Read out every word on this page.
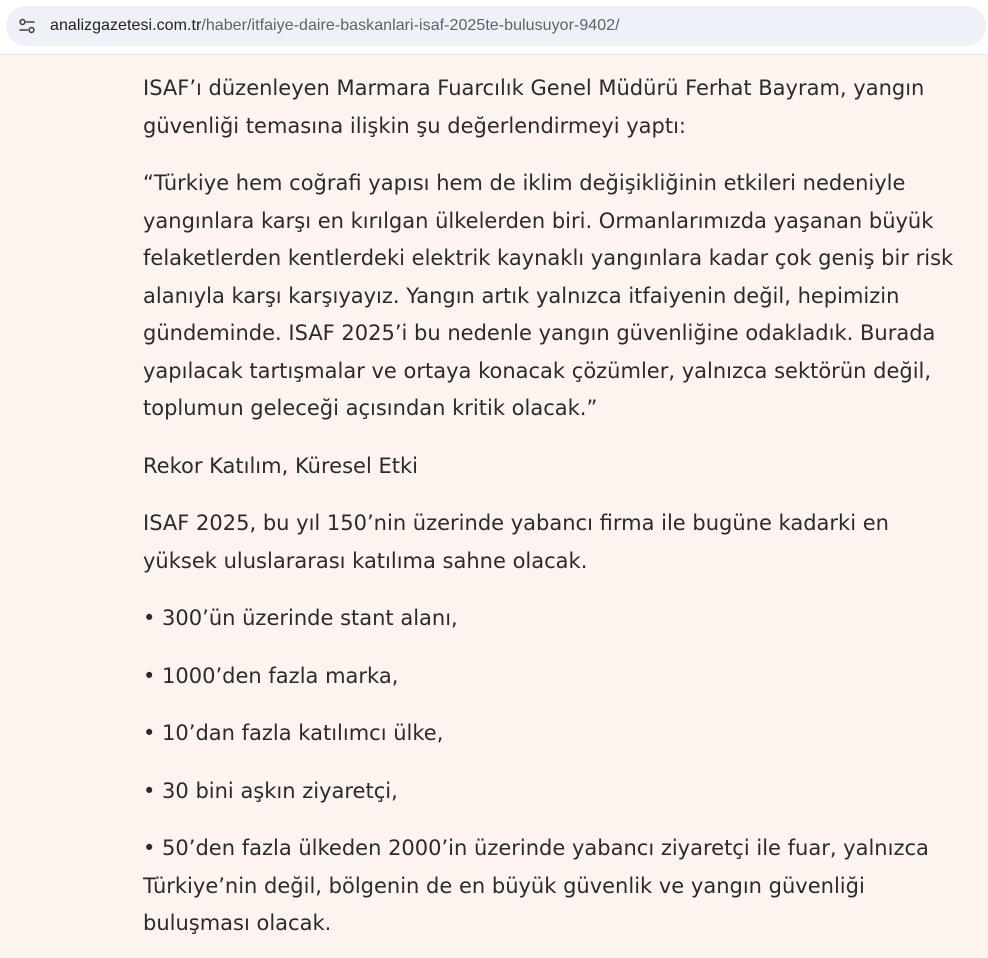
analizgazetesi.com.tr/haber/itfaiye-daire-baskanlari-isaf-2025te-bulusuyor-9402/

ISAF’ı düzenleyen Marmara Fuarcılık Genel Müdürü Ferhat Bayram, yangın güvenliği temasına ilişkin şu değerlendirmeyi yaptı:

“Türkiye hem coğrafi yapısı hem de iklim değişikliğinin etkileri nedeniyle yangınlara karşı en kırılgan ülkelerden biri. Ormanlarımızda yaşanan büyük felaketlerden kentlerdeki elektrik kaynaklı yangınlara kadar çok geniş bir risk alanıyla karşı karşıyayız. Yangın artık yalnızca itfaiyenin değil, hepimizin gündeminde. ISAF 2025’i bu nedenle yangın güvenliğine odakladık. Burada yapılacak tartışmalar ve ortaya konacak çözümler, yalnızca sektörün değil, toplumun geleceği açısından kritik olacak.”

Rekor Katılım, Küresel Etki

ISAF 2025, bu yıl 150’nin üzerinde yabancı firma ile bugüne kadarki en yüksek uluslararası katılıma sahne olacak.

• 300’ün üzerinde stant alanı,

• 1000’den fazla marka,

• 10’dan fazla katılımcı ülke,

• 30 bini aşkın ziyaretçi,

• 50’den fazla ülkeden 2000’in üzerinde yabancı ziyaretçi ile fuar, yalnızca Türkiye’nin değil, bölgenin de en büyük güvenlik ve yangın güvenliği buluşması olacak.
